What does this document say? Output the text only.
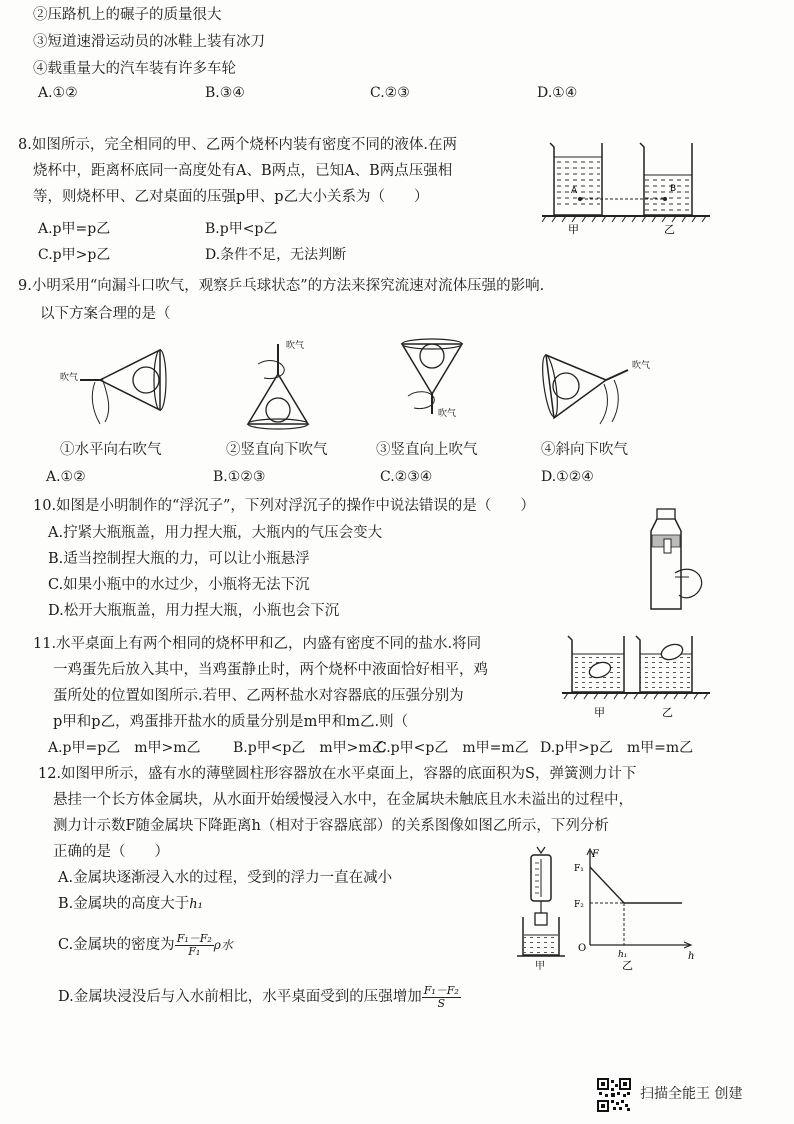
②压路机上的碾子的质量很大
③短道速滑运动员的冰鞋上装有冰刀
④载重量大的汽车装有许多车轮
A.①②	B.③④	C.②③	D.①④
8.如图所示，完全相同的甲、乙两个烧杯内装有密度不同的液体.在两
烧杯中，距离杯底同一高度处有A、B两点，已知A、B两点压强相
等，则烧杯甲、乙对桌面的压强p甲、p乙大小关系为（　　）
A.p甲=p乙	B.p甲<p乙
C.p甲>p乙	D.条件不足，无法判断
A	B
甲	乙
9.小明采用“向漏斗口吹气，观察乒乓球状态”的方法来探究流速对流体压强的影响.
以下方案合理的是（
吹气
吹气
吹气
吹气
①水平向右吹气	②竖直向下吹气	③竖直向上吹气	④斜向下吹气
A.①②	B.①②③	C.②③④	D.①②④
10.如图是小明制作的“浮沉子”，下列对浮沉子的操作中说法错误的是（　　）
A.拧紧大瓶瓶盖，用力捏大瓶，大瓶内的气压会变大
B.适当控制捏大瓶的力，可以让小瓶悬浮
C.如果小瓶中的水过少，小瓶将无法下沉
D.松开大瓶瓶盖，用力捏大瓶，小瓶也会下沉
11.水平桌面上有两个相同的烧杯甲和乙，内盛有密度不同的盐水.将同
一鸡蛋先后放入其中，当鸡蛋静止时，两个烧杯中液面恰好相平，鸡
蛋所处的位置如图所示.若甲、乙两杯盐水对容器底的压强分别为
p甲和p乙，鸡蛋排开盐水的质量分别是m甲和m乙.则（
A.p甲=p乙　m甲>m乙 B.p甲<p乙　m甲>m乙
C.p甲<p乙　m甲=m乙 D.p甲>p乙　m甲=m乙
甲	乙
12.如图甲所示，盛有水的薄壁圆柱形容器放在水平桌面上，容器的底面积为S，弹簧测力计下
悬挂一个长方体金属块，从水面开始缓慢浸入水中，在金属块未触底且水未溢出的过程中，
测力计示数F随金属块下降距离h（相对于容器底部）的关系图像如图乙所示，下列分析
正确的是（　　）
A.金属块逐渐浸入水的过程，受到的浮力一直在减小
B.金属块的高度大于h₁
C.金属块的密度为 $\frac{\text{F₁－F₂}}{\text{F₁}}$ ρ水
D.金属块浸没后与入水前相比，水平桌面受到的压强增加 $\frac{\text{F₁－F₂}}{S}$
甲
F
F₁
F₂
O
h₁	h
乙
扫描全能王 创建
